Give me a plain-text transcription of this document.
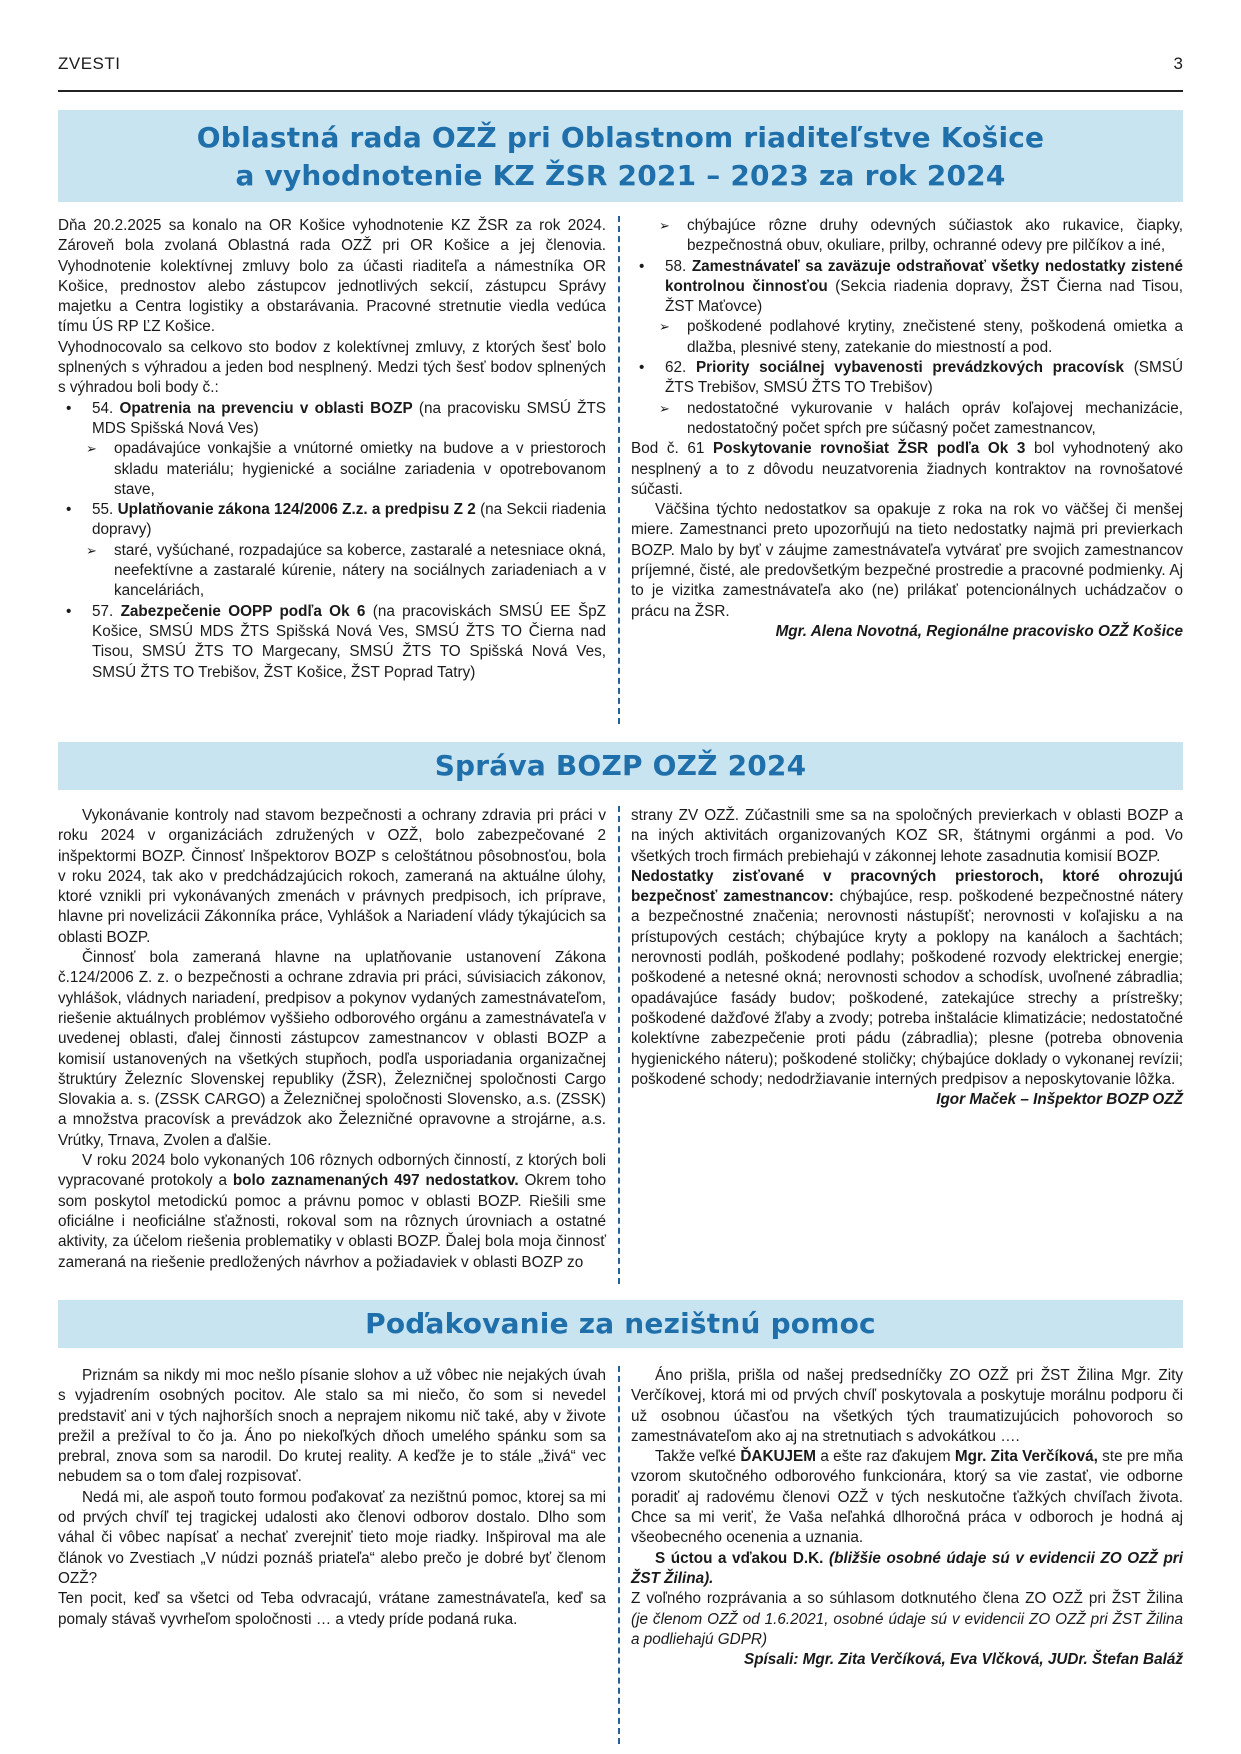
ZVESTI	3
Oblastná rada OZŽ pri Oblastnom riaditeľstve Košice
a vyhodnotenie KZ ŽSR 2021 – 2023 za rok 2024

Dňa 20.2.2025 sa konalo na OR Košice vyhodnotenie KZ ŽSR za rok 2024. Zároveň bola zvolaná Oblastná rada OZŽ pri OR Košice a jej členovia. Vyhodnotenie kolektívnej zmluvy bolo za účasti riaditeľa a námestníka OR Košice, prednostov alebo zástupcov jednotlivých sekcií, zástupcu Správy majetku a Centra logistiky a obstarávania. Pracovné stretnutie viedla vedúca tímu ÚS RP ĽZ Košice.

Vyhodnocovalo sa celkovo sto bodov z kolektívnej zmluvy, z ktorých šesť bolo splnených s výhradou a jeden bod nesplnený. Medzi tých šesť bodov splnených s výhradou boli body č.:

•	54. Opatrenia na prevenciu v oblasti BOZP (na pracovisku SMSÚ ŽTS MDS Spišská Nová Ves)
➢	opadávajúce vonkajšie a vnútorné omietky na budove a v priestoroch skladu materiálu; hygienické a sociálne zariadenia v opotrebovanom stave,
•	55. Uplatňovanie zákona 124/2006 Z.z. a predpisu Z 2 (na Sekcii riadenia dopravy)
➢	staré, vyšúchané, rozpadajúce sa koberce, zastaralé a netesniace okná, neefektívne a zastaralé kúrenie, nátery na sociálnych zariadeniach a v kanceláriách,
•	57. Zabezpečenie OOPP podľa Ok 6 (na pracoviskách SMSÚ EE ŠpZ Košice, SMSÚ MDS ŽTS Spišská Nová Ves, SMSÚ ŽTS TO Čierna nad Tisou, SMSÚ ŽTS TO Margecany, SMSÚ ŽTS TO Spišská Nová Ves, SMSÚ ŽTS TO Trebišov, ŽST Košice, ŽST Poprad Tatry)
➢	chýbajúce rôzne druhy odevných súčiastok ako rukavice, čiapky, bezpečnostná obuv, okuliare, prilby, ochranné odevy pre pilčíkov a iné,
•	58. Zamestnávateľ sa zaväzuje odstraňovať všetky nedostatky zistené kontrolnou činnosťou (Sekcia riadenia dopravy, ŽST Čierna nad Tisou, ŽST Maťovce)
➢	poškodené podlahové krytiny, znečistené steny, poškodená omietka a dlažba, plesnivé steny, zatekanie do miestností a pod.
•	62. Priority sociálnej vybavenosti prevádzkových pracovísk (SMSÚ ŽTS Trebišov, SMSÚ ŽTS TO Trebišov)
➢	nedostatočné vykurovanie v halách opráv koľajovej mechanizácie, nedostatočný počet spŕch pre súčasný počet zamestnancov,

Bod č. 61 Poskytovanie rovnošiat ŽSR podľa Ok 3 bol vyhodnotený ako nesplnený a to z dôvodu neuzatvorenia žiadnych kontraktov na rovnošatové súčasti.

Väčšina týchto nedostatkov sa opakuje z roka na rok vo väčšej či menšej miere. Zamestnanci preto upozorňujú na tieto nedostatky najmä pri previerkach BOZP. Malo by byť v záujme zamestnávateľa vytvárať pre svojich zamestnancov príjemné, čisté, ale predovšetkým bezpečné prostredie a pracovné podmienky. Aj to je vizitka zamestnávateľa ako (ne) prilákať potencionálnych uchádzačov o prácu na ŽSR.

Mgr. Alena Novotná, Regionálne pracovisko OZŽ Košice

Správa BOZP OZŽ 2024

Vykonávanie kontroly nad stavom bezpečnosti a ochrany zdravia pri práci v roku 2024 v organizáciách združených v OZŽ, bolo zabezpečované 2 inšpektormi BOZP. Činnosť Inšpektorov BOZP s celoštátnou pôsobnosťou, bola v roku 2024, tak ako v predchádzajúcich rokoch, zameraná na aktuálne úlohy, ktoré vznikli pri vykonávaných zmenách v právnych predpisoch, ich príprave, hlavne pri novelizácii Zákonníka práce, Vyhlášok a Nariadení vlády týkajúcich sa oblasti BOZP.

Činnosť bola zameraná hlavne na uplatňovanie ustanovení Zákona č.124/2006 Z. z. o bezpečnosti a ochrane zdravia pri práci, súvisiacich zákonov, vyhlášok, vládnych nariadení, predpisov a pokynov vydaných zamestnávateľom, riešenie aktuálnych problémov vyššieho odborového orgánu a zamestnávateľa v uvedenej oblasti, ďalej činnosti zástupcov zamestnancov v oblasti BOZP a komisií ustanovených na všetkých stupňoch, podľa usporiadania organizačnej štruktúry Železníc Slovenskej republiky (ŽSR), Železničnej spoločnosti Cargo Slovakia a. s. (ZSSK CARGO) a Železničnej spoločnosti Slovensko, a.s. (ZSSK) a množstva pracovísk a prevádzok ako Železničné opravovne a strojárne, a.s. Vrútky, Trnava, Zvolen a ďalšie.

V roku 2024 bolo vykonaných 106 rôznych odborných činností, z ktorých boli vypracované protokoly a bolo zaznamenaných 497 nedostatkov. Okrem toho som poskytol metodickú pomoc a právnu pomoc v oblasti BOZP. Riešili sme oficiálne i neoficiálne sťažnosti, rokoval som na rôznych úrovniach a ostatné aktivity, za účelom riešenia problematiky v oblasti BOZP. Ďalej bola moja činnosť zameraná na riešenie predložených návrhov a požiadaviek v oblasti BOZP zo

strany ZV OZŽ. Zúčastnili sme sa na spoločných previerkach v oblasti BOZP a na iných aktivitách organizovaných KOZ SR, štátnymi orgánmi a pod. Vo všetkých troch firmách prebiehajú v zákonnej lehote zasadnutia komisií BOZP.

Nedostatky zisťované v pracovných priestoroch, ktoré ohrozujú bezpečnosť zamestnancov: chýbajúce, resp. poškodené bezpečnostné nátery a bezpečnostné značenia; nerovnosti nástupíšť; nerovnosti v koľajisku a na prístupových cestách; chýbajúce kryty a poklopy na kanáloch a šachtách; nerovnosti podláh, poškodené podlahy; poškodené rozvody elektrickej energie; poškodené a netesné okná; nerovnosti schodov a schodísk, uvoľnené zábradlia; opadávajúce fasády budov; poškodené, zatekajúce strechy a prístrešky; poškodené dažďové žľaby a zvody; potreba inštalácie klimatizácie; nedostatočné kolektívne zabezpečenie proti pádu (zábradlia); plesne (potreba obnovenia hygienického náteru); poškodené stoličky; chýbajúce doklady o vykonanej revízii; poškodené schody; nedodržiavanie interných predpisov a neposkytovanie lôžka.

Igor Maček – Inšpektor BOZP OZŽ

Poďakovanie za nezištnú pomoc

Priznám sa nikdy mi moc nešlo písanie slohov a už vôbec nie nejakých úvah s vyjadrením osobných pocitov. Ale stalo sa mi niečo, čo som si nevedel predstaviť ani v tých najhorších snoch a neprajem nikomu nič také, aby v živote prežil a prežíval to čo ja. Áno po niekoľkých dňoch umelého spánku som sa prebral, znova som sa narodil. Do krutej reality. A keďže je to stále „živá“ vec nebudem sa o tom ďalej rozpisovať.

Nedá mi, ale aspoň touto formou poďakovať za nezištnú pomoc, ktorej sa mi od prvých chvíľ tej tragickej udalosti ako členovi odborov dostalo. Dlho som váhal či vôbec napísať a nechať zverejniť tieto moje riadky. Inšpiroval ma ale článok vo Zvestiach „V núdzi poznáš priateľa“ alebo prečo je dobré byť členom OZŽ?

Ten pocit, keď sa všetci od Teba odvracajú, vrátane zamestnávateľa, keď sa pomaly stávaš vyvrheľom spoločnosti … a vtedy príde podaná ruka.

Áno prišla, prišla od našej predsedníčky ZO OZŽ pri ŽST Žilina Mgr. Zity Verčíkovej, ktorá mi od prvých chvíľ poskytovala a poskytuje morálnu podporu či už osobnou účasťou na všetkých tých traumatizujúcich pohovoroch so zamestnávateľom ako aj na stretnutiach s advokátkou ….

Takže veľké ĎAKUJEM a ešte raz ďakujem Mgr. Zita Verčíková, ste pre mňa vzorom skutočného odborového funkcionára, ktorý sa vie zastať, vie odborne poradiť aj radovému členovi OZŽ v tých neskutočne ťažkých chvíľach života. Chce sa mi veriť, že Vaša neľahká dlhoročná práca v odboroch je hodná aj všeobecného ocenenia a uznania.

S úctou a vďakou D.K. (bližšie osobné údaje sú v evidencii ZO OZŽ pri ŽST Žilina).

Z voľného rozprávania a so súhlasom dotknutého člena ZO OZŽ pri ŽST Žilina (je členom OZŽ od 1.6.2021, osobné údaje sú v evidencii ZO OZŽ pri ŽST Žilina a podliehajú GDPR)

Spísali: Mgr. Zita Verčíková, Eva Vlčková, JUDr. Štefan Baláž
